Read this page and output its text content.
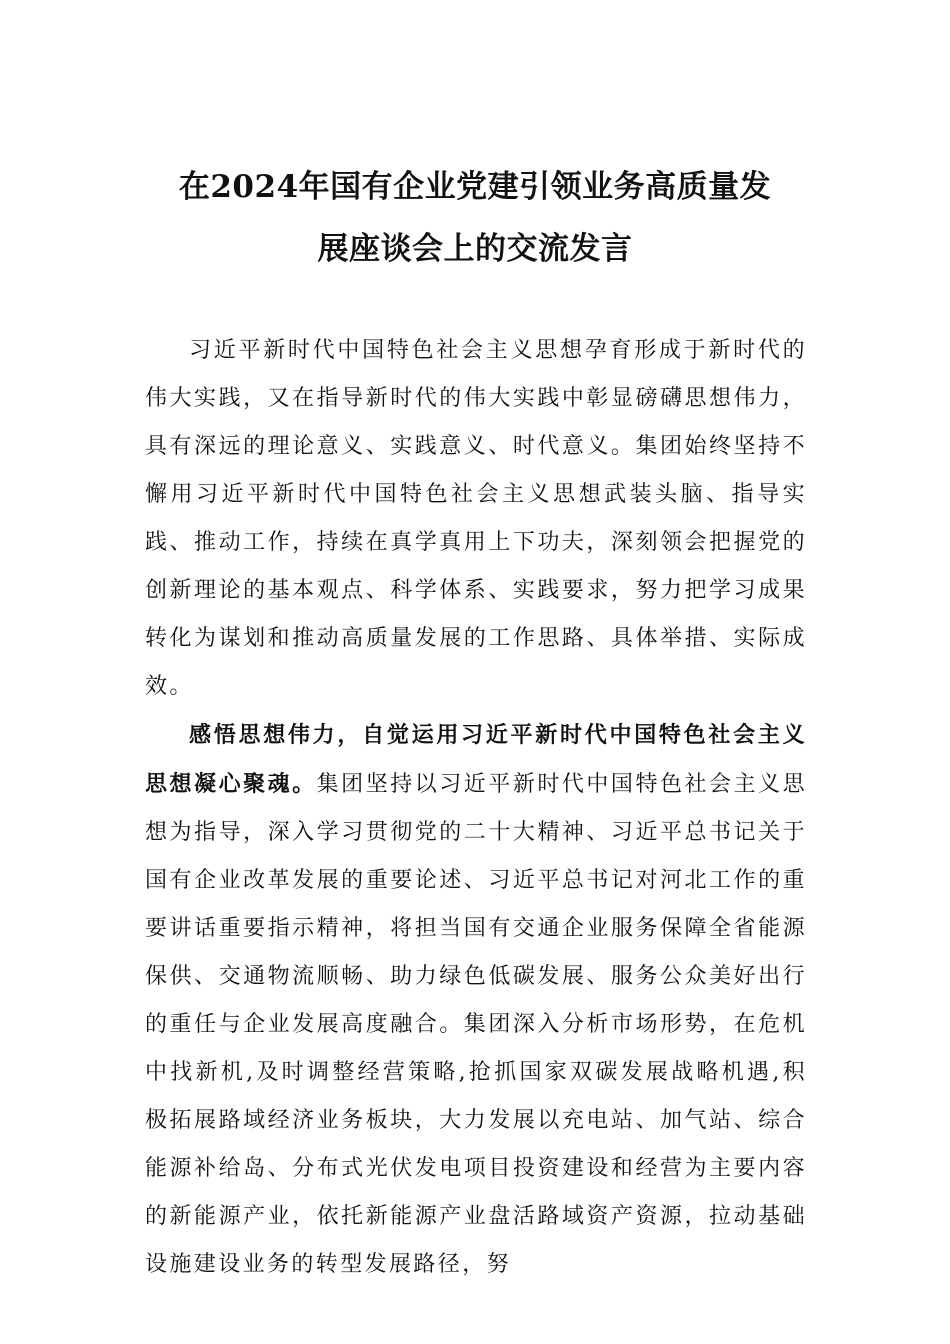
在2024年国有企业党建引领业务高质量发
展座谈会上的交流发言

习近平新时代中国特色社会主义思想孕育形成于新时代的伟大实践，又在指导新时代的伟大实践中彰显磅礴思想伟力，具有深远的理论意义、实践意义、时代意义。集团始终坚持不懈用习近平新时代中国特色社会主义思想武装头脑、指导实践、推动工作，持续在真学真用上下功夫，深刻领会把握党的创新理论的基本观点、科学体系、实践要求，努力把学习成果转化为谋划和推动高质量发展的工作思路、具体举措、实际成效。

感悟思想伟力，自觉运用习近平新时代中国特色社会主义思想凝心聚魂。集团坚持以习近平新时代中国特色社会主义思想为指导，深入学习贯彻党的二十大精神、习近平总书记关于国有企业改革发展的重要论述、习近平总书记对河北工作的重要讲话重要指示精神，将担当国有交通企业服务保障全省能源保供、交通物流顺畅、助力绿色低碳发展、服务公众美好出行的重任与企业发展高度融合。集团深入分析市场形势，在危机中找新机,及时调整经营策略,抢抓国家双碳发展战略机遇,积极拓展路域经济业务板块，大力发展以充电站、加气站、综合能源补给岛、分布式光伏发电项目投资建设和经营为主要内容的新能源产业，依托新能源产业盘活路域资产资源，拉动基础设施建设业务的转型发展路径，努
